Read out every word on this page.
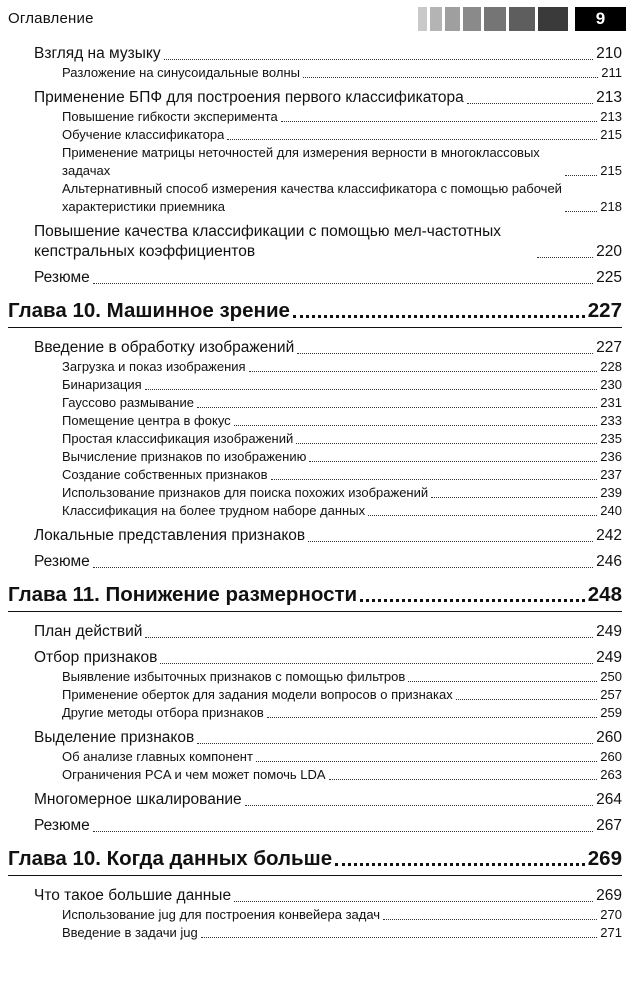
Оглавление	9
Взгляд на музыку	210
Разложение на синусоидальные волны	211
Применение БПФ для построения первого классификатора	213
Повышение гибкости эксперимента	213
Обучение классификатора	215
Применение матрицы неточностей для измерения верности в многоклассовых задачах	215
Альтернативный способ измерения качества классификатора с помощью рабочей характеристики приемника	218
Повышение качества классификации с помощью мел-частотных кепстральных коэффициентов	220
Резюме	225
Глава 10. Машинное зрение	227
Введение в обработку изображений	227
Загрузка и показ изображения	228
Бинаризация	230
Гауссово размывание	231
Помещение центра в фокус	233
Простая классификация изображений	235
Вычисление признаков по изображению	236
Создание собственных признаков	237
Использование признаков для поиска похожих изображений	239
Классификация на более трудном наборе данных	240
Локальные представления признаков	242
Резюме	246
Глава 11. Понижение размерности	248
План действий	249
Отбор признаков	249
Выявление избыточных признаков с помощью фильтров	250
Применение оберток для задания модели вопросов о признаках	257
Другие методы отбора признаков	259
Выделение признаков	260
Об анализе главных компонент	260
Ограничения PCA и чем может помочь LDA	263
Многомерное шкалирование	264
Резюме	267
Глава 10. Когда данных больше	269
Что такое большие данные	269
Использование jug для построения конвейера задач	270
Введение в задачи jug	271
